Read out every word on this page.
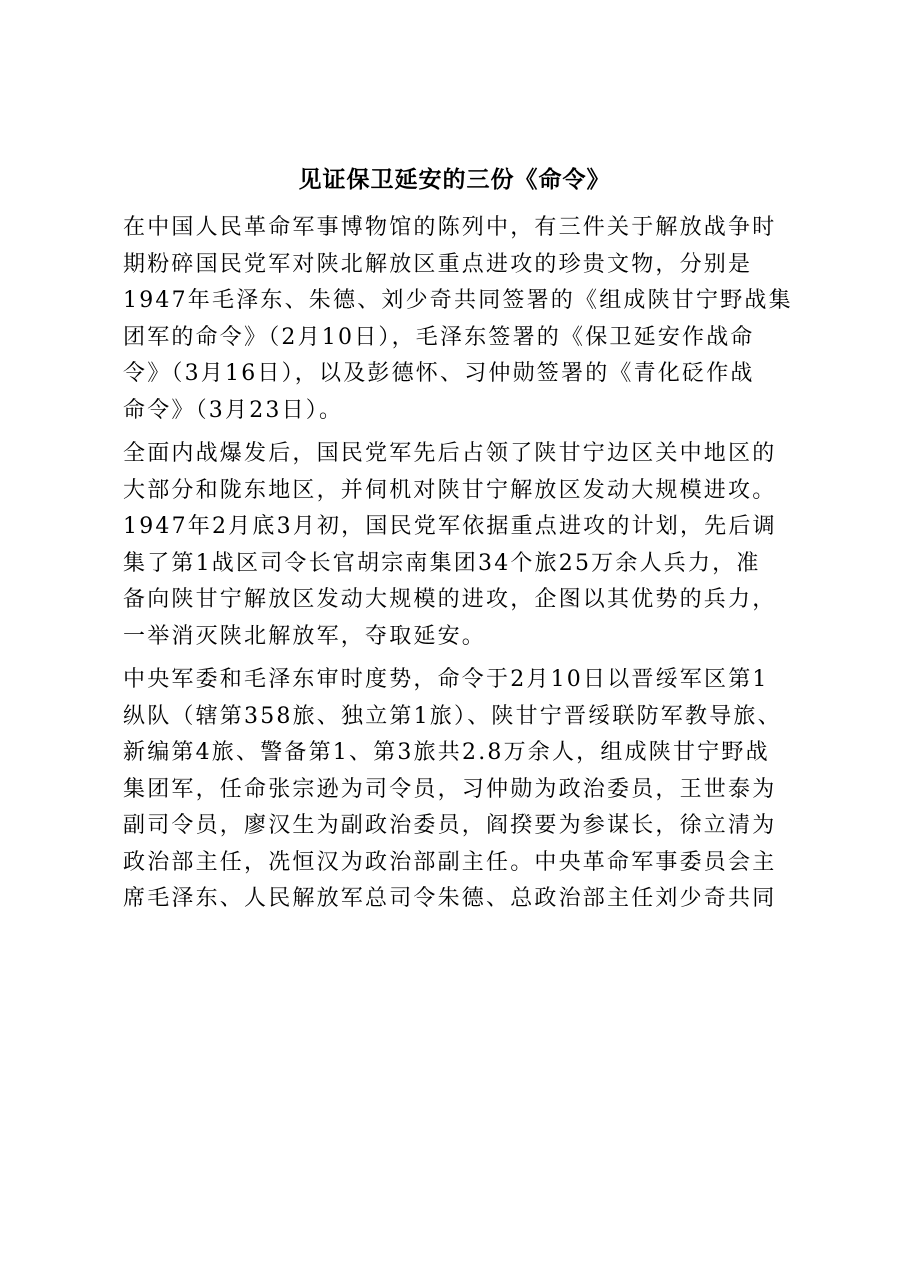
见证保卫延安的三份《命令》
在中国人民革命军事博物馆的陈列中，有三件关于解放战争时
期粉碎国民党军对陕北解放区重点进攻的珍贵文物，分别是
1947年毛泽东、朱德、刘少奇共同签署的《组成陕甘宁野战集
团军的命令》（2月10日），毛泽东签署的《保卫延安作战命
令》（3月16日），以及彭德怀、习仲勋签署的《青化砭作战
命令》（3月23日）。
全面内战爆发后，国民党军先后占领了陕甘宁边区关中地区的
大部分和陇东地区，并伺机对陕甘宁解放区发动大规模进攻。
1947年2月底3月初，国民党军依据重点进攻的计划，先后调
集了第1战区司令长官胡宗南集团34个旅25万余人兵力，准
备向陕甘宁解放区发动大规模的进攻，企图以其优势的兵力，
一举消灭陕北解放军，夺取延安。
中央军委和毛泽东审时度势，命令于2月10日以晋绥军区第1
纵队（辖第358旅、独立第1旅）、陕甘宁晋绥联防军教导旅、
新编第4旅、警备第1、第3旅共2.8万余人，组成陕甘宁野战
集团军，任命张宗逊为司令员，习仲勋为政治委员，王世泰为
副司令员，廖汉生为副政治委员，阎揆要为参谋长，徐立清为
政治部主任，冼恒汉为政治部副主任。中央革命军事委员会主
席毛泽东、人民解放军总司令朱德、总政治部主任刘少奇共同
